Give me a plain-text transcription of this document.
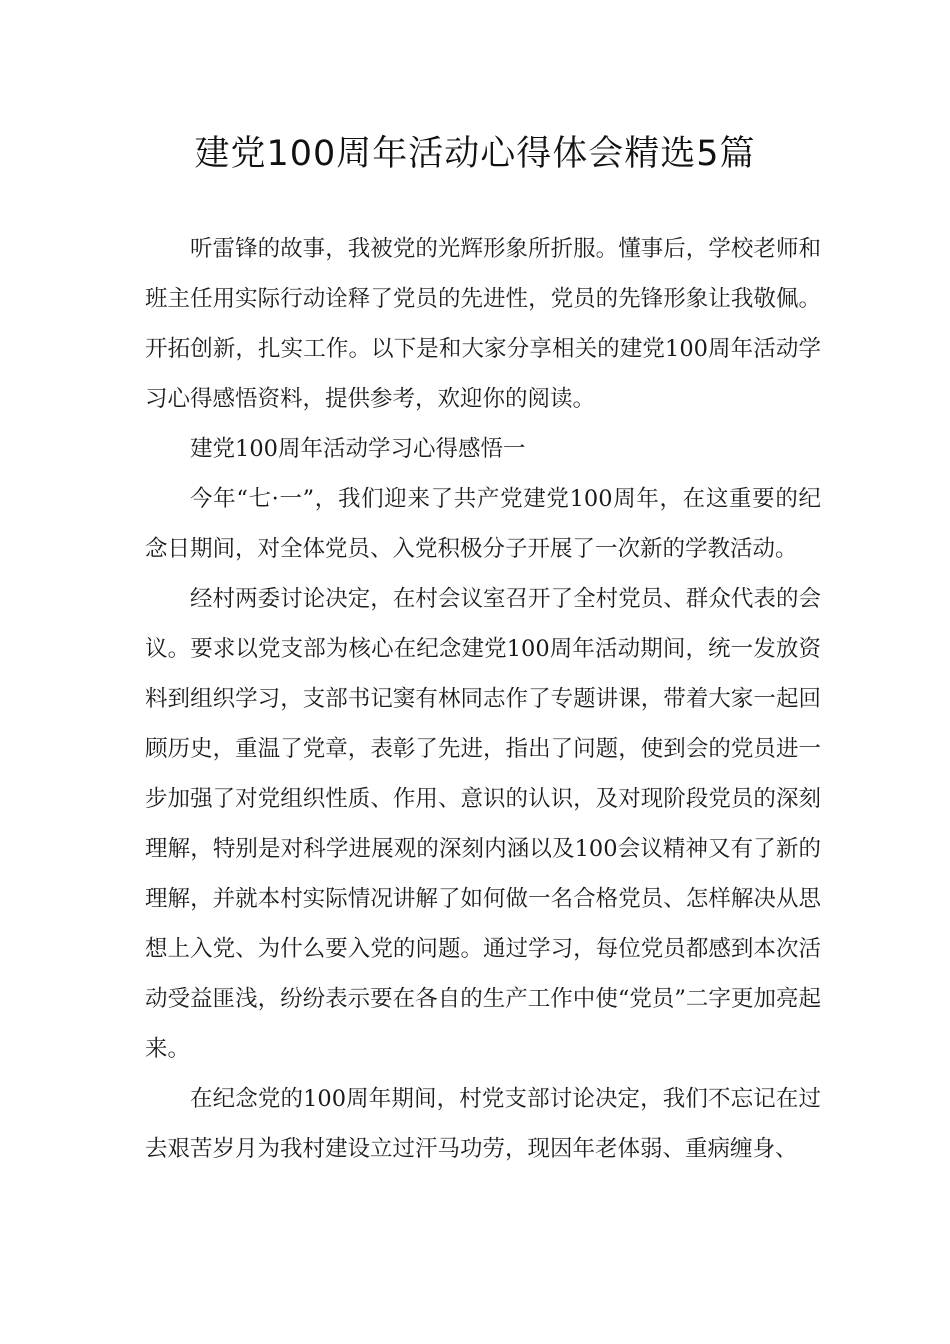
建党100周年活动心得体会精选5篇

听雷锋的故事，我被党的光辉形象所折服。懂事后，学校老师和班主任用实际行动诠释了党员的先进性，党员的先锋形象让我敬佩。开拓创新，扎实工作。以下是和大家分享相关的建党100周年活动学习心得感悟资料，提供参考，欢迎你的阅读。

建党100周年活动学习心得感悟一

今年“七·一”，我们迎来了共产党建党100周年，在这重要的纪念日期间，对全体党员、入党积极分子开展了一次新的学教活动。

经村两委讨论决定，在村会议室召开了全村党员、群众代表的会议。要求以党支部为核心在纪念建党100周年活动期间，统一发放资料到组织学习，支部书记窦有林同志作了专题讲课，带着大家一起回顾历史，重温了党章，表彰了先进，指出了问题，使到会的党员进一步加强了对党组织性质、作用、意识的认识，及对现阶段党员的深刻理解，特别是对科学进展观的深刻内涵以及100会议精神又有了新的理解，并就本村实际情况讲解了如何做一名合格党员、怎样解决从思想上入党、为什么要入党的问题。通过学习，每位党员都感到本次活动受益匪浅，纷纷表示要在各自的生产工作中使“党员”二字更加亮起来。

在纪念党的100周年期间，村党支部讨论决定，我们不忘记在过去艰苦岁月为我村建设立过汗马功劳，现因年老体弱、重病缠身、
